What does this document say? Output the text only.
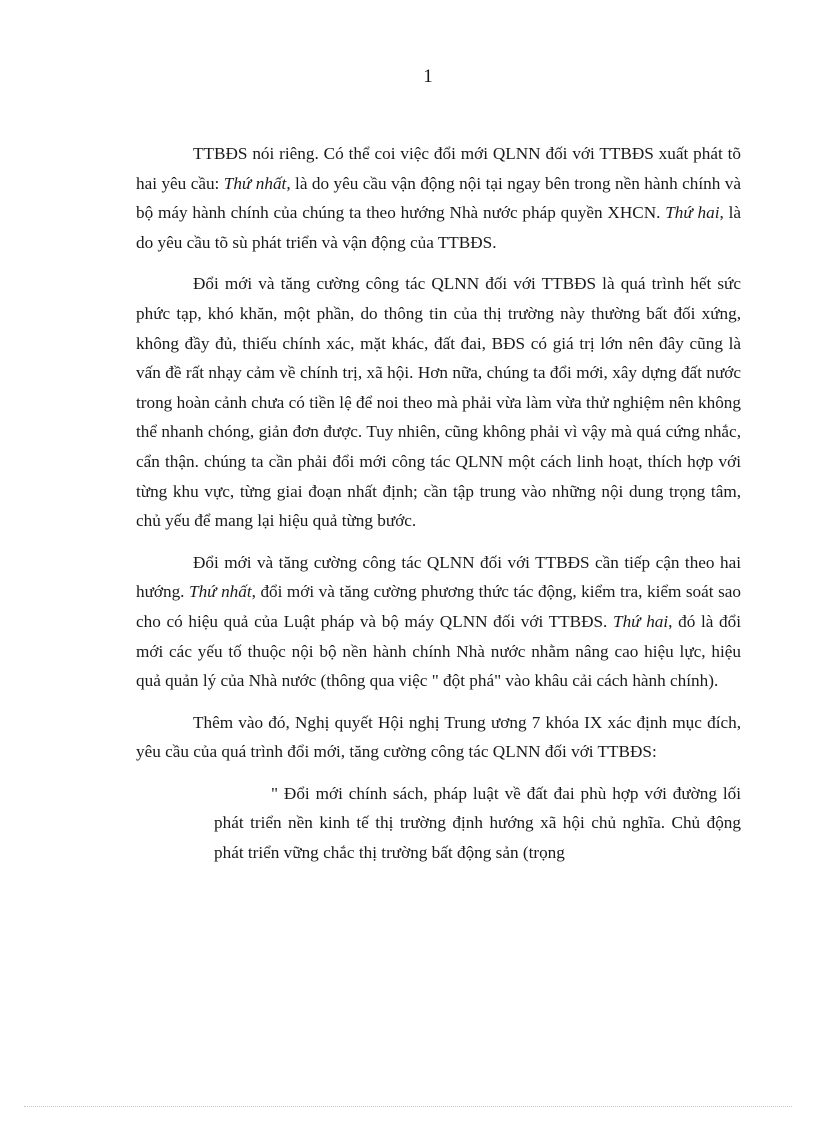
1

TTBĐS nói riêng. Có thể coi việc đổi mới QLNN đối với TTBĐS xuất phát tõ hai yêu cầu: Thứ nhất, là do yêu cầu vận động nội tại ngay bên trong nền hành chính và bộ máy hành chính của chúng ta theo hướng Nhà nước pháp quyền XHCN. Thứ hai, là do yêu cầu tõ sù phát triển và vận động của TTBĐS.

Đổi mới và tăng cường công tác QLNN đối với TTBĐS là quá trình hết sức phức tạp, khó khăn, một phần, do thông tin của thị trường này thường bất đối xứng, không đầy đủ, thiếu chính xác, mặt khác, đất đai, BĐS có giá trị lớn nên đây cũng là vấn đề rất nhạy cảm về chính trị, xã hội. Hơn nữa, chúng ta đổi mới, xây dựng đất nước trong hoàn cảnh chưa có tiền lệ để noi theo mà phải vừa làm vừa thử nghiệm nên không thể nhanh chóng, giản đơn được. Tuy nhiên, cũng không phải vì vậy mà quá cứng nhắc, cẩn thận. chúng ta cần phải đổi mới công tác QLNN một cách linh hoạt, thích hợp với từng khu vực, từng giai đoạn nhất định; cần tập trung vào những nội dung trọng tâm, chủ yếu để mang lại hiệu quả từng bước.

Đổi mới và tăng cường công tác QLNN đối với TTBĐS cần tiếp cận theo hai hướng. Thứ nhất, đổi mới và tăng cường phương thức tác động, kiểm tra, kiểm soát sao cho có hiệu quả của Luật pháp và bộ máy QLNN đối với TTBĐS. Thứ hai, đó là đổi mới các yếu tố thuộc nội bộ nền hành chính Nhà nước nhằm nâng cao hiệu lực, hiệu quả quản lý của Nhà nước (thông qua việc " đột phá" vào khâu cải cách hành chính).

Thêm vào đó, Nghị quyết Hội nghị Trung ương 7 khóa IX xác định mục đích, yêu cầu của quá trình đổi mới, tăng cường công tác QLNN đối với TTBĐS:

" Đổi mới chính sách, pháp luật về đất đai phù hợp với đường lối phát triển nền kinh tế thị trường định hướng xã hội chủ nghĩa. Chủ động phát triển vững chắc thị trường bất động sản (trọng
